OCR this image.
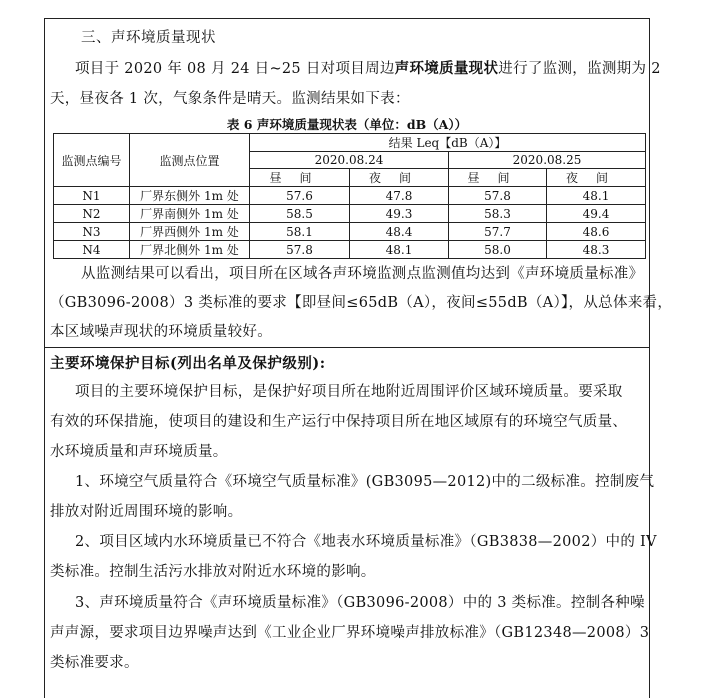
三、声环境质量现状
项目于 2020 年 08 月 24 日~25 日对项目周边声环境质量现状进行了监测，监测期为 2
天，昼夜各 1 次，气象条件是晴天。监测结果如下表：
表 6 声环境质量现状表（单位：dB（A））
监测点编号	监测点位置	结果 Leq【dB（A）】			
		2020.08.24		2020.08.25	
		昼间	夜间	昼间	夜间
N1	厂界东侧外 1m 处	57.6	47.8	57.8	48.1
N2	厂界南侧外 1m 处	58.5	49.3	58.3	49.4
N3	厂界西侧外 1m 处	58.1	48.4	57.7	48.6
N4	厂界北侧外 1m 处	57.8	48.1	58.0	48.3
从监测结果可以看出，项目所在区域各声环境监测点监测值均达到《声环境质量标准》
（GB3096-2008）3 类标准的要求【即昼间≤65dB（A），夜间≤55dB（A）】，从总体来看，
本区域噪声现状的环境质量较好。
主要环境保护目标(列出名单及保护级别):
项目的主要环境保护目标，是保护好项目所在地附近周围评价区域环境质量。要采取
有效的环保措施，使项目的建设和生产运行中保持项目所在地区域原有的环境空气质量、
水环境质量和声环境质量。
1、环境空气质量符合《环境空气质量标准》(GB3095—2012)中的二级标准。控制废气
排放对附近周围环境的影响。
2、项目区域内水环境质量已不符合《地表水环境质量标准》（GB3838—2002）中的 IV
类标准。控制生活污水排放对附近水环境的影响。
3、声环境质量符合《声环境质量标准》（GB3096-2008）中的 3 类标准。控制各种噪
声声源，要求项目边界噪声达到《工业企业厂界环境噪声排放标准》（GB12348—2008）3
类标准要求。
